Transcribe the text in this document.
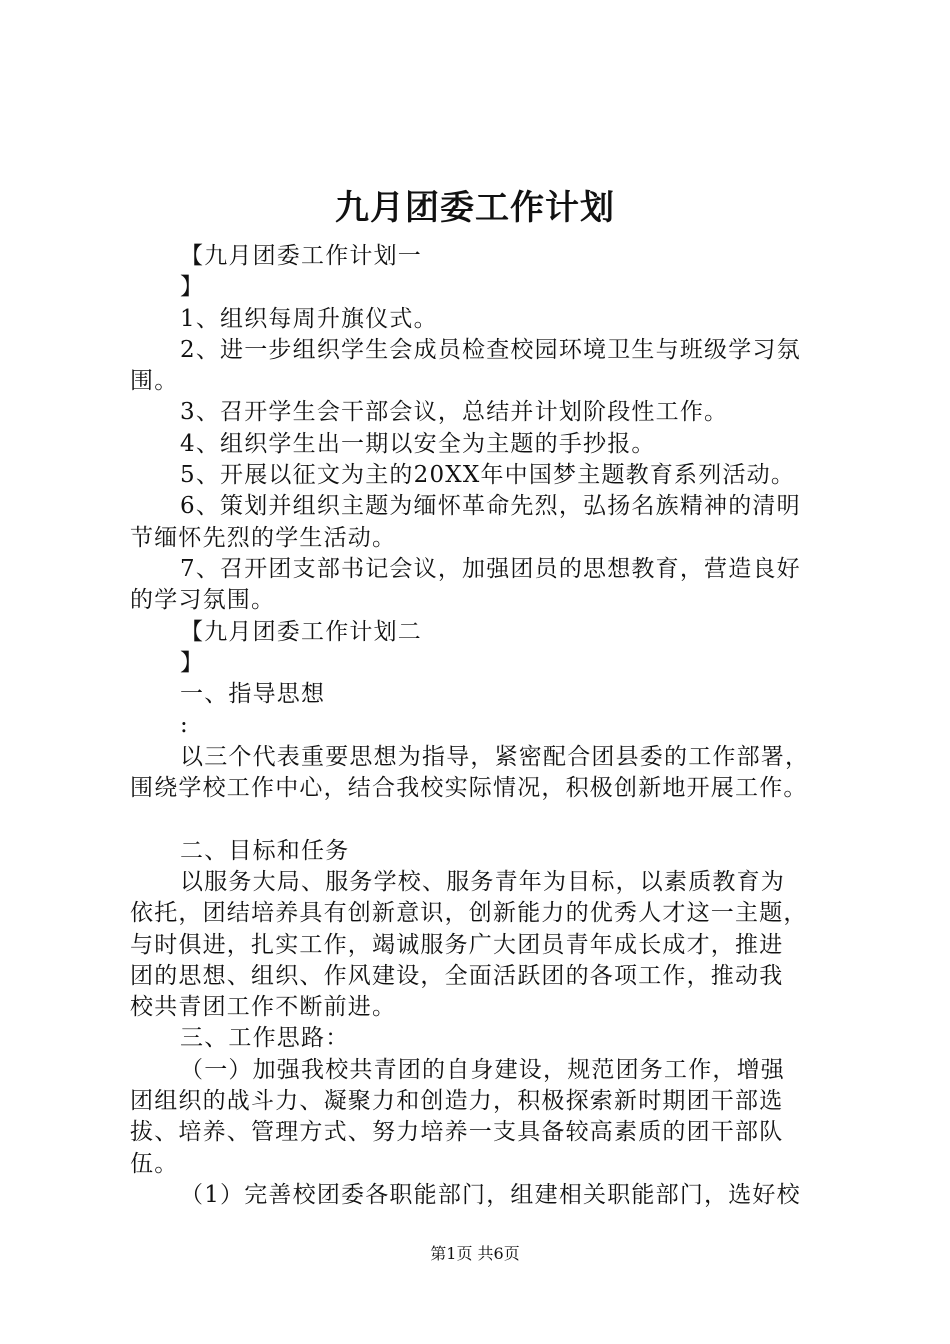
九月团委工作计划
【九月团委工作计划一
】
1、组织每周升旗仪式。
2、进一步组织学生会成员检查校园环境卫生与班级学习氛
围。
3、召开学生会干部会议，总结并计划阶段性工作。
4、组织学生出一期以安全为主题的手抄报。
5、开展以征文为主的20XX年中国梦主题教育系列活动。
6、策划并组织主题为缅怀革命先烈，弘扬名族精神的清明
节缅怀先烈的学生活动。
7、召开团支部书记会议，加强团员的思想教育，营造良好
的学习氛围。
【九月团委工作计划二
】
一、指导思想
:
以三个代表重要思想为指导，紧密配合团县委的工作部署，
围绕学校工作中心，结合我校实际情况，积极创新地开展工作。
二、目标和任务
以服务大局、服务学校、服务青年为目标，以素质教育为
依托，团结培养具有创新意识，创新能力的优秀人才这一主题，
与时俱进，扎实工作，竭诚服务广大团员青年成长成才，推进
团的思想、组织、作风建设，全面活跃团的各项工作，推动我
校共青团工作不断前进。
三、工作思路：
（一）加强我校共青团的自身建设，规范团务工作，增强
团组织的战斗力、凝聚力和创造力，积极探索新时期团干部选
拔、培养、管理方式、努力培养一支具备较高素质的团干部队
伍。
（1）完善校团委各职能部门，组建相关职能部门，选好校
第1页 共6页
